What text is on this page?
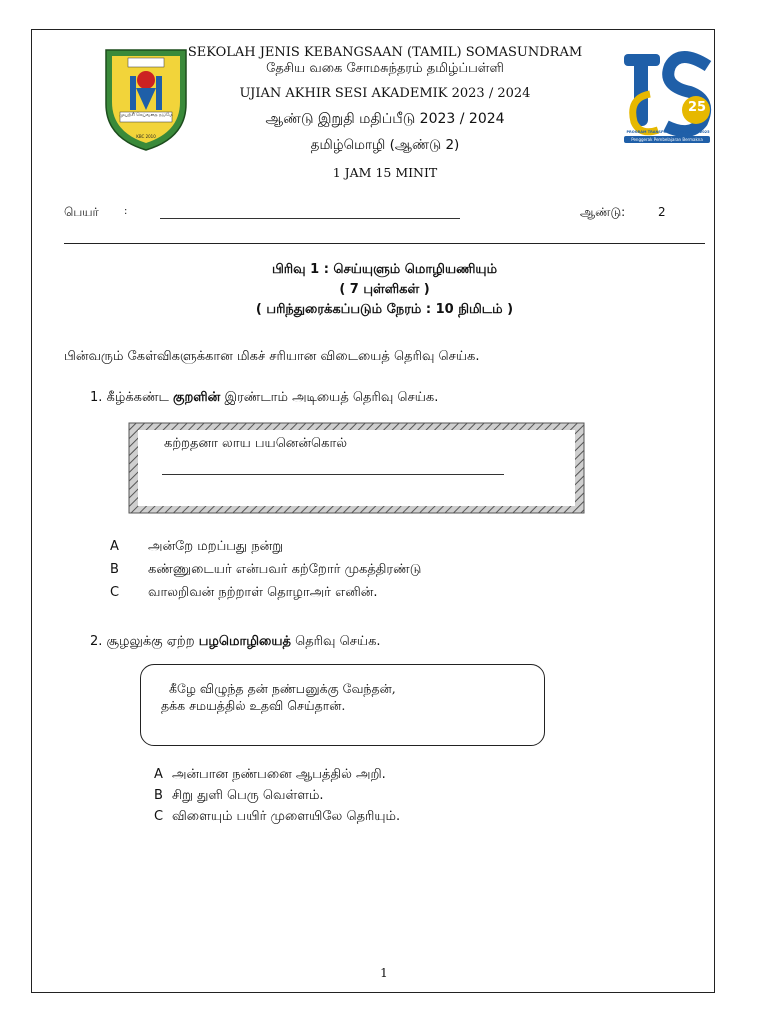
முயற்சி செய்வதை நடுமே
KBC 2010
25
PROGRAM TRANSFORMASI SEKOLAH 2025
Penggerak Pembelajaran Bermakna
SEKOLAH JENIS KEBANGSAAN (TAMIL) SOMASUNDRAM
தேசிய வகை சோமசுந்தரம் தமிழ்ப்பள்ளி
UJIAN AKHIR SESI AKADEMIK 2023 / 2024
ஆண்டு இறுதி மதிப்பீடு 2023 / 2024
தமிழ்மொழி (ஆண்டு 2)
1 JAM 15 MINIT
பெயர்	:	ஆண்டு:	2
பிரிவு 1 : செய்யுளும் மொழியணியும்
( 7 புள்ளிகள் )
( பரிந்துரைக்கப்படும் நேரம் : 10 நிமிடம் )
பின்வரும் கேள்விகளுக்கான மிகச் சரியான விடையைத் தெரிவு செய்க.
1. கீழ்க்கண்ட குறளின் இரண்டாம் அடியைத் தெரிவு செய்க.
கற்றதனா லாய பயனென்கொல்
A அன்றே மறப்பது நன்று
B கண்ணுடையர் என்பவர் கற்றோர் முகத்திரண்டு
C வாலறிவன் நற்றாள் தொழாஅர் எனின்.
2. சூழலுக்கு ஏற்ற பழமொழியைத் தெரிவு செய்க.
கீழே விழுந்த தன் நண்பனுக்கு வேந்தன்,
தக்க சமயத்தில் உதவி செய்தான்.
A அன்பான நண்பனை ஆபத்தில் அறி.
B சிறு துளி பெரு வெள்ளம்.
C விளையும் பயிர் முளையிலே தெரியும்.
1
